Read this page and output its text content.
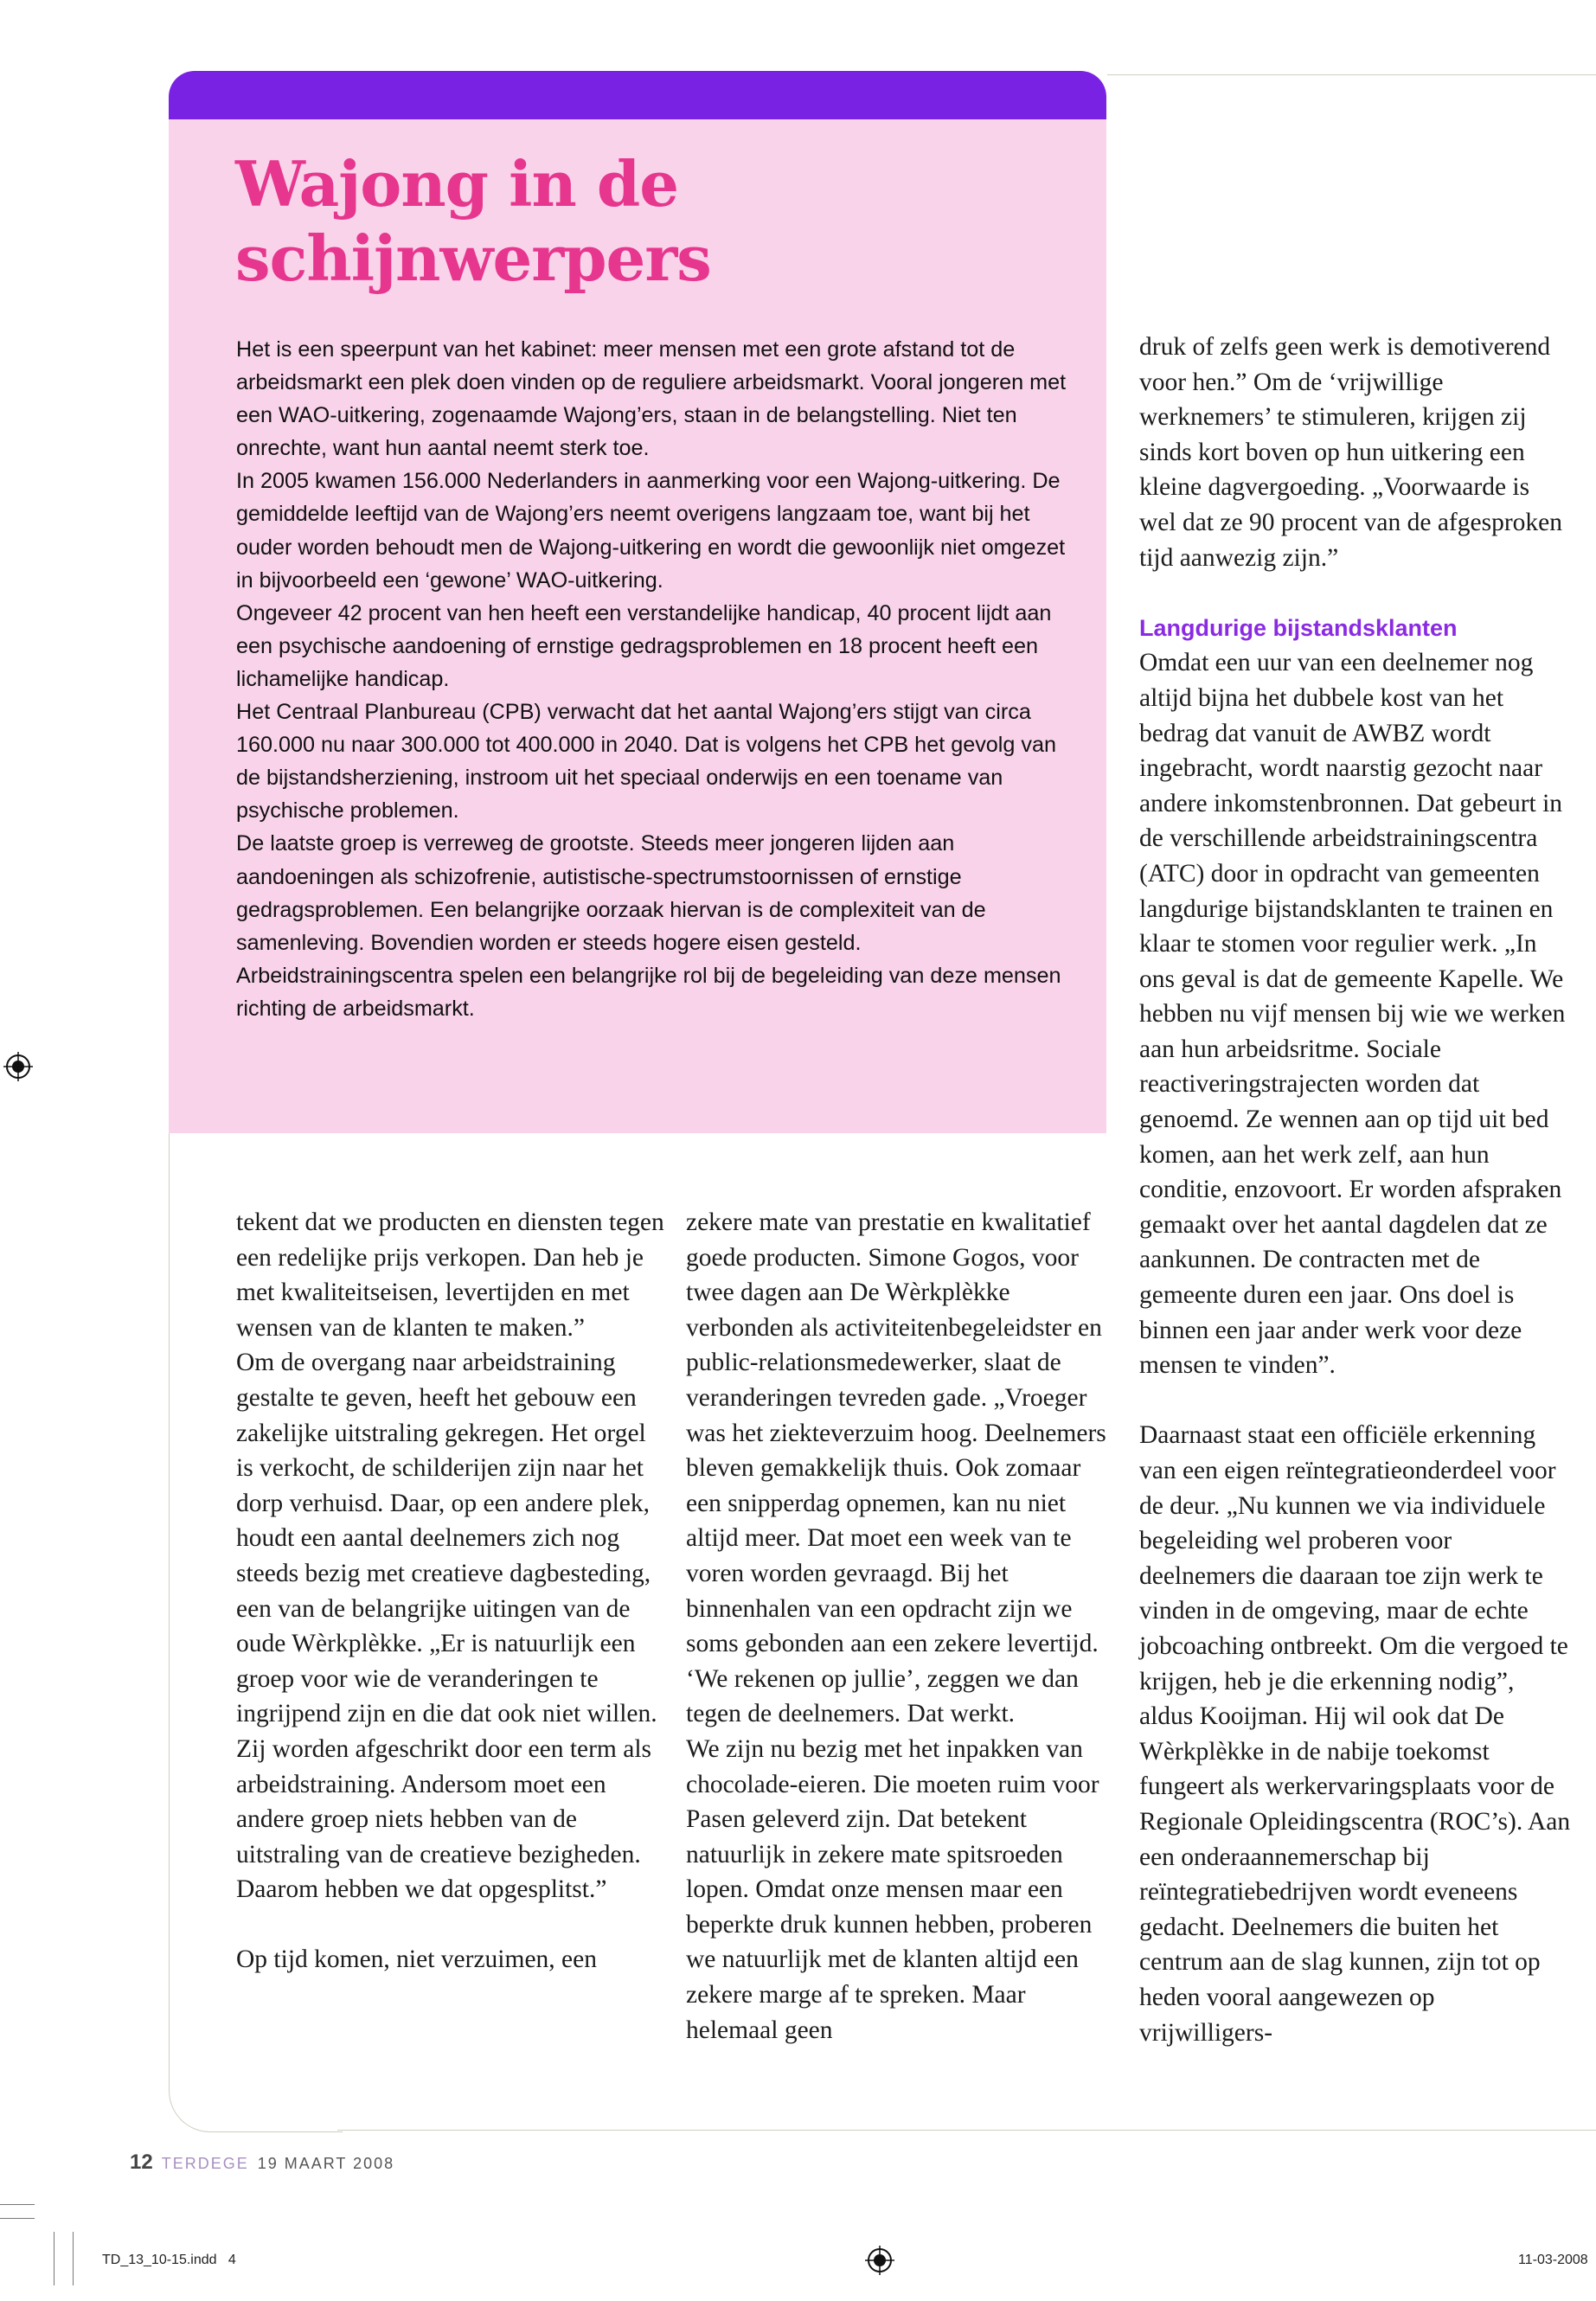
Wajong in de
schijnwerpers

Het is een speerpunt van het kabinet: meer mensen met een grote afstand tot de arbeidsmarkt een plek doen vinden op de reguliere arbeidsmarkt. Vooral jongeren met een WAO-uitkering, zogenaamde Wajong’ers, staan in de belangstelling. Niet ten onrechte, want hun aantal neemt sterk toe.

In 2005 kwamen 156.000 Nederlanders in aanmerking voor een Wajong-uitkering. De gemiddelde leeftijd van de Wajong’ers neemt overigens langzaam toe, want bij het ouder worden behoudt men de Wajong-uitkering en wordt die gewoonlijk niet omgezet in bijvoorbeeld een ‘gewone’ WAO-uitkering.

Ongeveer 42 procent van hen heeft een verstandelijke handicap, 40 procent lijdt aan een psychische aandoening of ernstige gedragsproblemen en 18 procent heeft een lichamelijke handicap.

Het Centraal Planbureau (CPB) verwacht dat het aantal Wajong’ers stijgt van circa 160.000 nu naar 300.000 tot 400.000 in 2040. Dat is volgens het CPB het gevolg van de bijstandsherziening, instroom uit het speciaal onderwijs en een toename van psychische problemen.

De laatste groep is verreweg de grootste. Steeds meer jongeren lijden aan aandoeningen als schizofrenie, autistische-spectrumstoornissen of ernstige gedragsproblemen. Een belangrijke oorzaak hiervan is de complexiteit van de samenleving. Bovendien worden er steeds hogere eisen gesteld. Arbeidstrainingscentra spelen een belangrijke rol bij de begeleiding van deze mensen richting de arbeidsmarkt.

tekent dat we producten en diensten tegen een redelijke prijs verkopen. Dan heb je met kwaliteitseisen, levertijden en met wensen van de klanten te maken.”

Om de overgang naar arbeidstraining gestalte te geven, heeft het gebouw een zakelijke uitstraling gekregen. Het orgel is verkocht, de schilderijen zijn naar het dorp verhuisd. Daar, op een andere plek, houdt een aantal deelnemers zich nog steeds bezig met creatieve dagbesteding, een van de belangrijke uitingen van de oude Wèrkplèkke. „Er is natuurlijk een groep voor wie de veranderingen te ingrijpend zijn en die dat ook niet willen. Zij worden afgeschrikt door een term als arbeidstraining. Andersom moet een andere groep niets hebben van de uitstraling van de creatieve bezigheden. Daarom hebben we dat opgesplitst.”

Op tijd komen, niet verzuimen, een

zekere mate van prestatie en kwalitatief goede producten. Simone Gogos, voor twee dagen aan De Wèrkplèkke verbonden als activiteitenbegeleidster en public-relationsmedewerker, slaat de veranderingen tevreden gade. „Vroeger was het ziekteverzuim hoog. Deelnemers bleven gemakkelijk thuis. Ook zomaar een snipperdag opnemen, kan nu niet altijd meer. Dat moet een week van te voren worden gevraagd. Bij het binnenhalen van een opdracht zijn we soms gebonden aan een zekere levertijd. ‘We rekenen op jullie’, zeggen we dan tegen de deelnemers. Dat werkt.

We zijn nu bezig met het inpakken van chocolade-eieren. Die moeten ruim voor Pasen geleverd zijn. Dat betekent natuurlijk in zekere mate spitsroeden lopen. Omdat onze mensen maar een beperkte druk kunnen hebben, proberen we natuurlijk met de klanten altijd een zekere marge af te spreken. Maar helemaal geen

druk of zelfs geen werk is demotiverend voor hen.” Om de ‘vrijwillige werknemers’ te stimuleren, krijgen zij sinds kort boven op hun uitkering een kleine dagvergoeding. „Voorwaarde is wel dat ze 90 procent van de afgesproken tijd aanwezig zijn.”

Langdurige bijstandsklanten

Omdat een uur van een deelnemer nog altijd bijna het dubbele kost van het bedrag dat vanuit de AWBZ wordt ingebracht, wordt naarstig gezocht naar andere inkomstenbronnen. Dat gebeurt in de verschillende arbeidstrainingscentra (ATC) door in opdracht van gemeenten langdurige bijstandsklanten te trainen en klaar te stomen voor regulier werk. „In ons geval is dat de gemeente Kapelle. We hebben nu vijf mensen bij wie we werken aan hun arbeidsritme. Sociale reactiveringstrajecten worden dat genoemd. Ze wennen aan op tijd uit bed komen, aan het werk zelf, aan hun conditie, enzovoort. Er worden afspraken gemaakt over het aantal dagdelen dat ze aankunnen. De contracten met de gemeente duren een jaar. Ons doel is binnen een jaar ander werk voor deze mensen te vinden”.

Daarnaast staat een officiële erkenning van een eigen reïntegratieonderdeel voor de deur. „Nu kunnen we via individuele begeleiding wel proberen voor deelnemers die daaraan toe zijn werk te vinden in de omgeving, maar de echte jobcoaching ontbreekt. Om die vergoed te krijgen, heb je die erkenning nodig”, aldus Kooijman. Hij wil ook dat De Wèrkplèkke in de nabije toekomst fungeert als werkervaringsplaats voor de Regionale Opleidingscentra (ROC’s). Aan een onderaannemerschap bij reïntegratiebedrijven wordt eveneens gedacht. Deelnemers die buiten het centrum aan de slag kunnen, zijn tot op heden vooral aangewezen op vrijwilligers-

12 TERDEGE 19 MAART 2008
TD_13_10-15.indd   4	11-03-2008
